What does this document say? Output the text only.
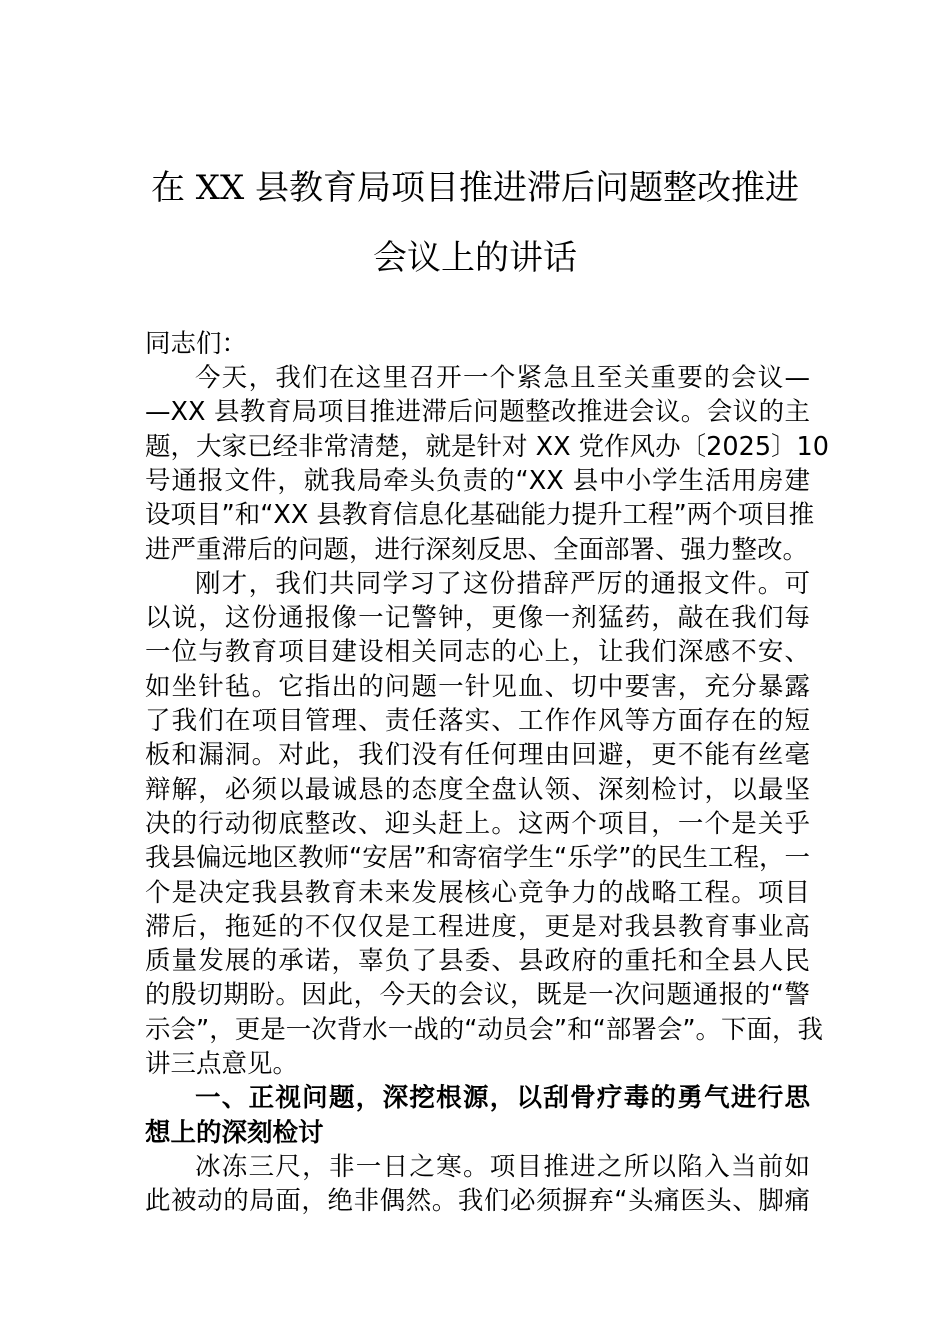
在 XX 县教育局项目推进滞后问题整改推进
会议上的讲话
同志们：
今天，我们在这里召开一个紧急且至关重要的会议—
—XX 县教育局项目推进滞后问题整改推进会议。会议的主
题，大家已经非常清楚，就是针对 XX 党作风办〔2025〕10
号通报文件，就我局牵头负责的“XX 县中小学生活用房建
设项目”和“XX 县教育信息化基础能力提升工程”两个项目推
进严重滞后的问题，进行深刻反思、全面部署、强力整改。
刚才，我们共同学习了这份措辞严厉的通报文件。可
以说，这份通报像一记警钟，更像一剂猛药，敲在我们每
一位与教育项目建设相关同志的心上，让我们深感不安、
如坐针毡。它指出的问题一针见血、切中要害，充分暴露
了我们在项目管理、责任落实、工作作风等方面存在的短
板和漏洞。对此，我们没有任何理由回避，更不能有丝毫
辩解，必须以最诚恳的态度全盘认领、深刻检讨，以最坚
决的行动彻底整改、迎头赶上。这两个项目，一个是关乎
我县偏远地区教师“安居”和寄宿学生“乐学”的民生工程，一
个是决定我县教育未来发展核心竞争力的战略工程。项目
滞后，拖延的不仅仅是工程进度，更是对我县教育事业高
质量发展的承诺，辜负了县委、县政府的重托和全县人民
的殷切期盼。因此，今天的会议，既是一次问题通报的“警
示会”，更是一次背水一战的“动员会”和“部署会”。下面，我
讲三点意见。
一、正视问题，深挖根源，以刮骨疗毒的勇气进行思
想上的深刻检讨
冰冻三尺，非一日之寒。项目推进之所以陷入当前如
此被动的局面，绝非偶然。我们必须摒弃“头痛医头、脚痛
